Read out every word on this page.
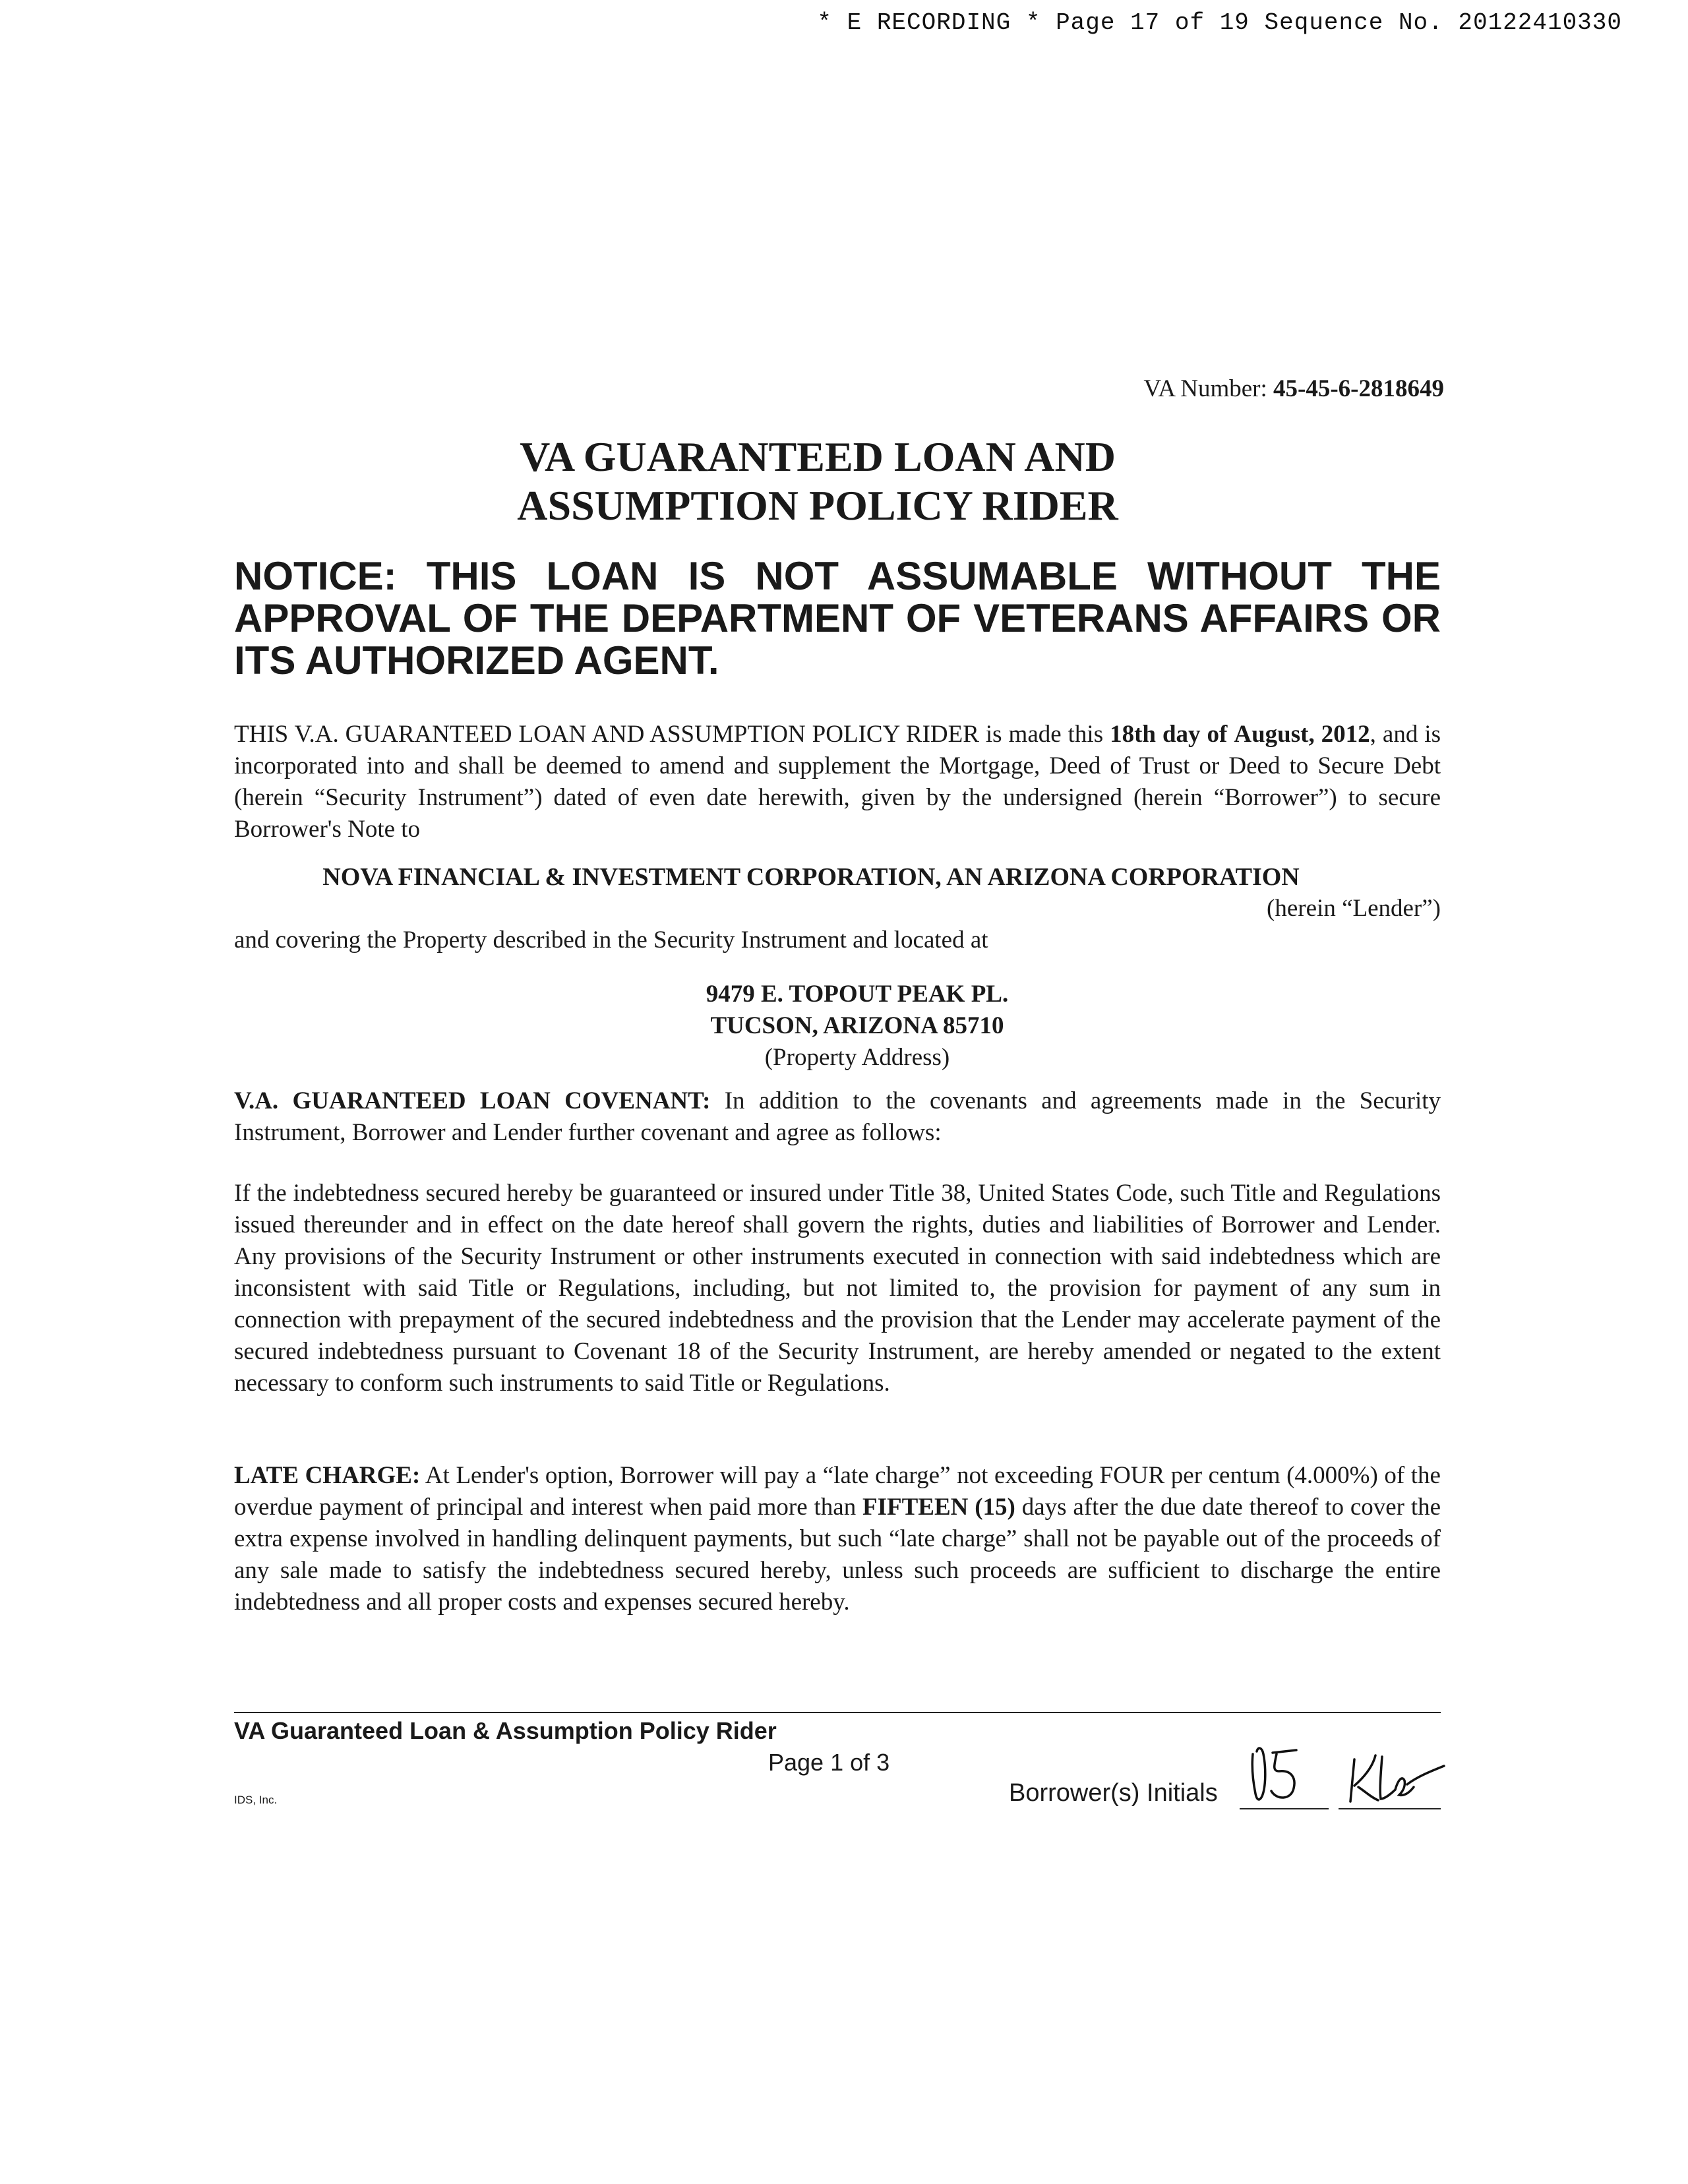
* E RECORDING * Page 17 of 19 Sequence No. 20122410330
VA Number: 45-45-6-2818649
VA GUARANTEED LOAN AND
ASSUMPTION POLICY RIDER
NOTICE: THIS LOAN IS NOT ASSUMABLE WITHOUT THE APPROVAL OF THE DEPARTMENT OF VETERANS AFFAIRS OR ITS AUTHORIZED AGENT.
THIS V.A. GUARANTEED LOAN AND ASSUMPTION POLICY RIDER is made this 18th day of August, 2012, and is incorporated into and shall be deemed to amend and supplement the Mortgage, Deed of Trust or Deed to Secure Debt (herein “Security Instrument”) dated of even date herewith, given by the undersigned (herein “Borrower”) to secure Borrower's Note to
NOVA FINANCIAL & INVESTMENT CORPORATION, AN ARIZONA CORPORATION
(herein “Lender”)
and covering the Property described in the Security Instrument and located at
9479 E. TOPOUT PEAK PL.
TUCSON, ARIZONA 85710
(Property Address)
V.A. GUARANTEED LOAN COVENANT: In addition to the covenants and agreements made in the Security Instrument, Borrower and Lender further covenant and agree as follows:
If the indebtedness secured hereby be guaranteed or insured under Title 38, United States Code, such Title and Regulations issued thereunder and in effect on the date hereof shall govern the rights, duties and liabilities of Borrower and Lender. Any provisions of the Security Instrument or other instruments executed in connection with said indebtedness which are inconsistent with said Title or Regulations, including, but not limited to, the provision for payment of any sum in connection with prepayment of the secured indebtedness and the provision that the Lender may accelerate payment of the secured indebtedness pursuant to Covenant 18 of the Security Instrument, are hereby amended or negated to the extent necessary to conform such instruments to said Title or Regulations.
LATE CHARGE: At Lender's option, Borrower will pay a “late charge” not exceeding FOUR per centum (4.000%) of the overdue payment of principal and interest when paid more than FIFTEEN (15) days after the due date thereof to cover the extra expense involved in handling delinquent payments, but such “late charge” shall not be payable out of the proceeds of any sale made to satisfy the indebtedness secured hereby, unless such proceeds are sufficient to discharge the entire indebtedness and all proper costs and expenses secured hereby.
VA Guaranteed Loan & Assumption Policy Rider
Page 1 of 3
IDS, Inc.	Borrower(s) Initials
